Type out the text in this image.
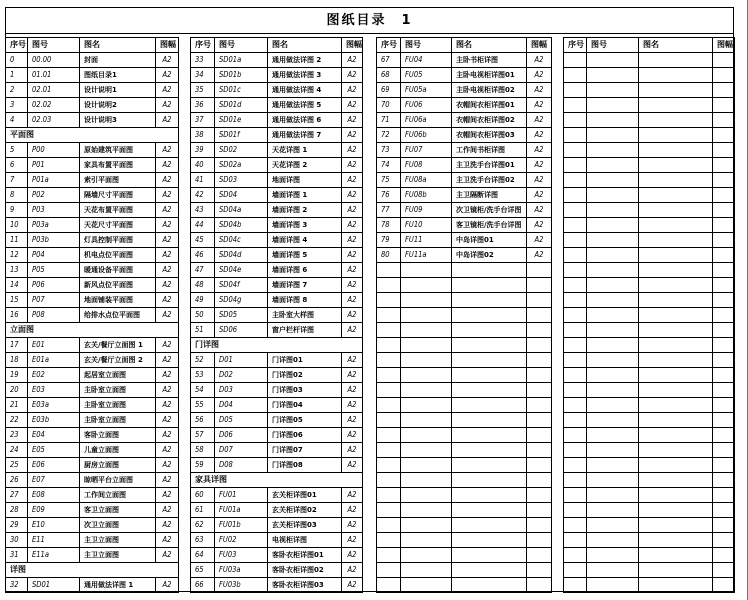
图纸目录　1
序号	图号	图名	图幅
0	00.00	封面	A2
1	01.01	图纸目录1	A2
2	02.01	设计说明1	A2
3	02.02	设计说明2	A2
4	02.03	设计说明3	A2
平面图			
5	P00	原始建筑平面图	A2
6	P01	家具布置平面图	A2
7	P01a	索引平面图	A2
8	P02	隔墙尺寸平面图	A2
9	P03	天花布置平面图	A2
10	P03a	天花尺寸平面图	A2
11	P03b	灯具控制平面图	A2
12	P04	机电点位平面图	A2
13	P05	暖通设备平面图	A2
14	P06	新风点位平面图	A2
15	P07	地面铺装平面图	A2
16	P08	给排水点位平面图	A2
立面图			
17	E01	玄关/餐厅立面图 1	A2
18	E01a	玄关/餐厅立面图 2	A2
19	E02	起居室立面图	A2
20	E03	主卧室立面图	A2
21	E03a	主卧室立面图	A2
22	E03b	主卧室立面图	A2
23	E04	客卧立面图	A2
24	E05	儿童立面图	A2
25	E06	厨房立面图	A2
26	E07	晾晒平台立面图	A2
27	E08	工作间立面图	A2
28	E09	客卫立面图	A2
29	E10	次卫立面图	A2
30	E11	主卫立面图	A2
31	E11a	主卫立面图	A2
详图			
32	SD01	通用做法详图 1	A2
序号	图号	图名	图幅
33	SD01a	通用做法详图 2	A2
34	SD01b	通用做法详图 3	A2
35	SD01c	通用做法详图 4	A2
36	SD01d	通用做法详图 5	A2
37	SD01e	通用做法详图 6	A2
38	SD01f	通用做法详图 7	A2
39	SD02	天花详图 1	A2
40	SD02a	天花详图 2	A2
41	SD03	地面详图	A2
42	SD04	墙面详图 1	A2
43	SD04a	墙面详图 2	A2
44	SD04b	墙面详图 3	A2
45	SD04c	墙面详图 4	A2
46	SD04d	墙面详图 5	A2
47	SD04e	墙面详图 6	A2
48	SD04f	墙面详图 7	A2
49	SD04g	墙面详图 8	A2
50	SD05	主卧室大样图	A2
51	SD06	窗户栏杆详图	A2
门详图			
52	D01	门详图01	A2
53	D02	门详图02	A2
54	D03	门详图03	A2
55	D04	门详图04	A2
56	D05	门详图05	A2
57	D06	门详图06	A2
58	D07	门详图07	A2
59	D08	门详图08	A2
家具详图			
60	FU01	玄关柜详图01	A2
61	FU01a	玄关柜详图02	A2
62	FU01b	玄关柜详图03	A2
63	FU02	电视柜详图	A2
64	FU03	客卧衣柜详图01	A2
65	FU03a	客卧衣柜详图02	A2
66	FU03b	客卧衣柜详图03	A2
序号	图号	图名	图幅
67	FU04	主卧书柜详图	A2
68	FU05	主卧电视柜详图01	A2
69	FU05a	主卧电视柜详图02	A2
70	FU06	衣帽间衣柜详图01	A2
71	FU06a	衣帽间衣柜详图02	A2
72	FU06b	衣帽间衣柜详图03	A2
73	FU07	工作间书柜详图	A2
74	FU08	主卫洗手台详图01	A2
75	FU08a	主卫洗手台详图02	A2
76	FU08b	主卫隔断详图	A2
77	FU09	次卫镜柜/洗手台详图	A2
78	FU10	客卫镜柜/洗手台详图	A2
79	FU11	中岛详图01	A2
80	FU11a	中岛详图02	A2

序号	图号	图名	图幅
